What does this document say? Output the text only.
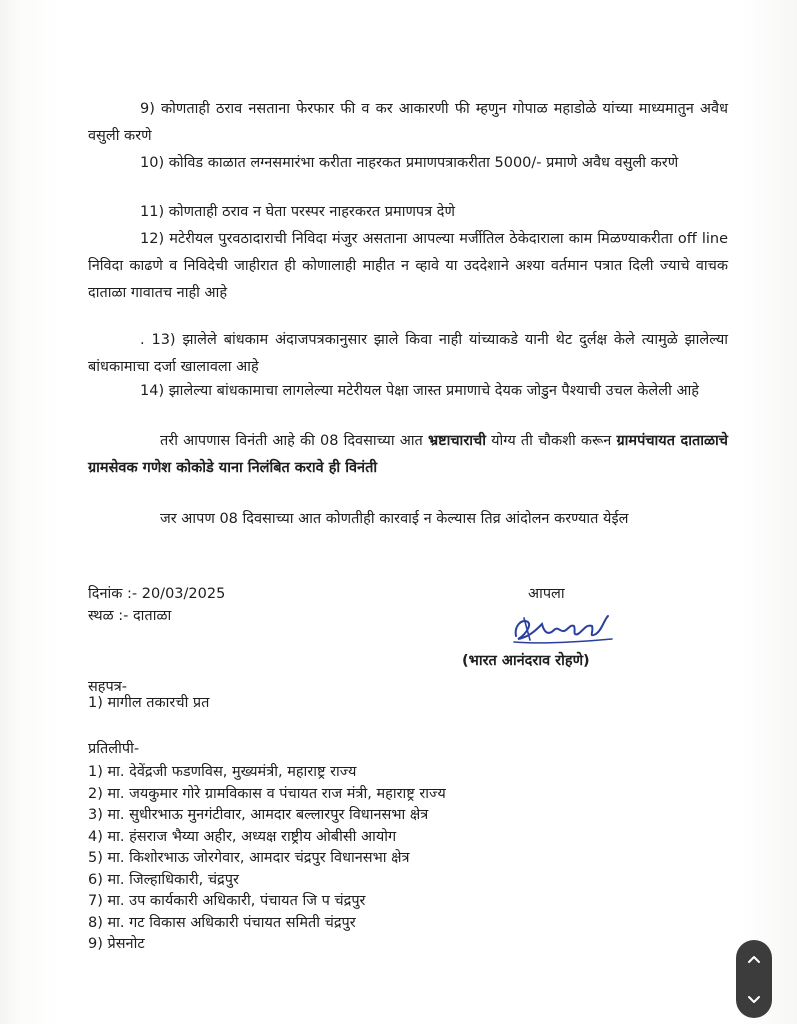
9) कोणताही ठराव नसताना फेरफार फी व कर आकारणी फी म्हणुन गोपाळ महाडोळे यांच्या माध्यमातुन अवैध वसुली करणे
10) कोविड काळात लग्नसमारंभा करीता नाहरकत प्रमाणपत्राकरीता 5000/- प्रमाणे अवैध वसुली करणे
11) कोणताही ठराव न घेता परस्पर नाहरकरत प्रमाणपत्र देणे
12) मटेरीयल पुरवठादाराची निविदा मंजुर असताना आपल्या मर्जीतिल ठेकेदाराला काम मिळण्याकरीता off line निविदा काढणे व निविदेची जाहीरात ही कोणालाही माहीत न व्हावे या उददेशाने अश्या वर्तमान पत्रात दिली ज्याचे वाचक दाताळा गावातच नाही आहे
. 13) झालेले बांधकाम अंदाजपत्रकानुसार झाले किवा नाही यांच्याकडे यानी थेट दुर्लक्ष केले त्यामुळे झालेल्या बांधकामाचा दर्जा खालावला आहे
14) झालेल्या बांधकामाचा लागलेल्या मटेरीयल पेक्षा जास्त प्रमाणाचे देयक जोडुन पैश्याची उचल केलेली आहे
तरी आपणास विनंती आहे की 08 दिवसाच्या आत भ्रष्टाचाराची योग्य ती चौकशी करून ग्रामपंचायत दाताळाचे ग्रामसेवक गणेश कोकोडे याना निलंबित करावे ही विनंती
जर आपण 08 दिवसाच्या आत कोणतीही कारवाई न केल्यास तिव्र आंदोलन करण्यात येईल
दिनांक :- 20/03/2025
स्थळ :- दाताळा
आपला
(भारत आनंदराव रोहणे)
सहपत्र-
1) मागील तकारची प्रत
प्रतिलीपी-
1) मा. देवेंद्रजी फडणविस, मुख्यमंत्री, महाराष्ट्र राज्य
2) मा. जयकुमार गोरे ग्रामविकास व पंचायत राज मंत्री, महाराष्ट्र राज्य
3) मा. सुधीरभाऊ मुनगंटीवार, आमदार बल्लारपुर विधानसभा क्षेत्र
4) मा. हंसराज भैय्या अहीर, अध्यक्ष राष्ट्रीय ओबीसी आयोग
5) मा. किशोरभाऊ जोरगेवार, आमदार चंद्रपुर विधानसभा क्षेत्र
6) मा. जिल्हाधिकारी, चंद्रपुर
7) मा. उप कार्यकारी अधिकारी, पंचायत जि प चंद्रपुर
8) मा. गट विकास अधिकारी पंचायत समिती चंद्रपुर
9) प्रेसनोट
